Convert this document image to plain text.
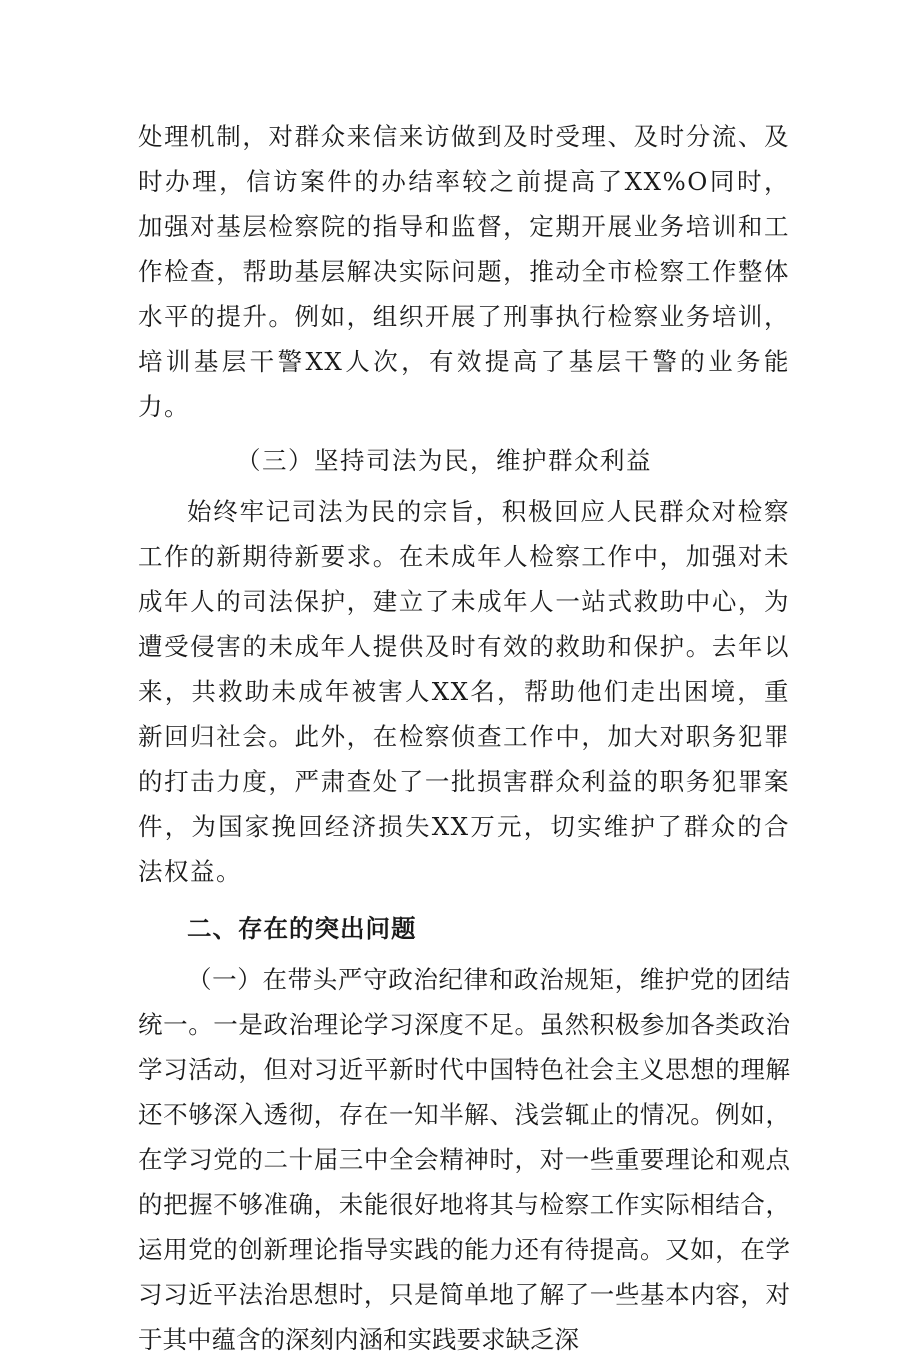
处理机制，对群众来信来访做到及时受理、及时分流、及时办理，信访案件的办结率较之前提高了XX%O同时，加强对基层检察院的指导和监督，定期开展业务培训和工作检查，帮助基层解决实际问题，推动全市检察工作整体水平的提升。例如，组织开展了刑事执行检察业务培训，培训基层干警XX人次，有效提高了基层干警的业务能力。

（三）坚持司法为民，维护群众利益

始终牢记司法为民的宗旨，积极回应人民群众对检察工作的新期待新要求。在未成年人检察工作中，加强对未成年人的司法保护，建立了未成年人一站式救助中心，为遭受侵害的未成年人提供及时有效的救助和保护。去年以来，共救助未成年被害人XX名，帮助他们走出困境，重新回归社会。此外，在检察侦查工作中，加大对职务犯罪的打击力度，严肃查处了一批损害群众利益的职务犯罪案件，为国家挽回经济损失XX万元，切实维护了群众的合法权益。

二、存在的突出问题

（一）在带头严守政治纪律和政治规矩，维护党的团结统一。一是政治理论学习深度不足。虽然积极参加各类政治学习活动，但对习近平新时代中国特色社会主义思想的理解还不够深入透彻，存在一知半解、浅尝辄止的情况。例如，在学习党的二十届三中全会精神时，对一些重要理论和观点的把握不够准确，未能很好地将其与检察工作实际相结合，运用党的创新理论指导实践的能力还有待提高。又如，在学习习近平法治思想时，只是简单地了解了一些基本内容，对于其中蕴含的深刻内涵和实践要求缺乏深
